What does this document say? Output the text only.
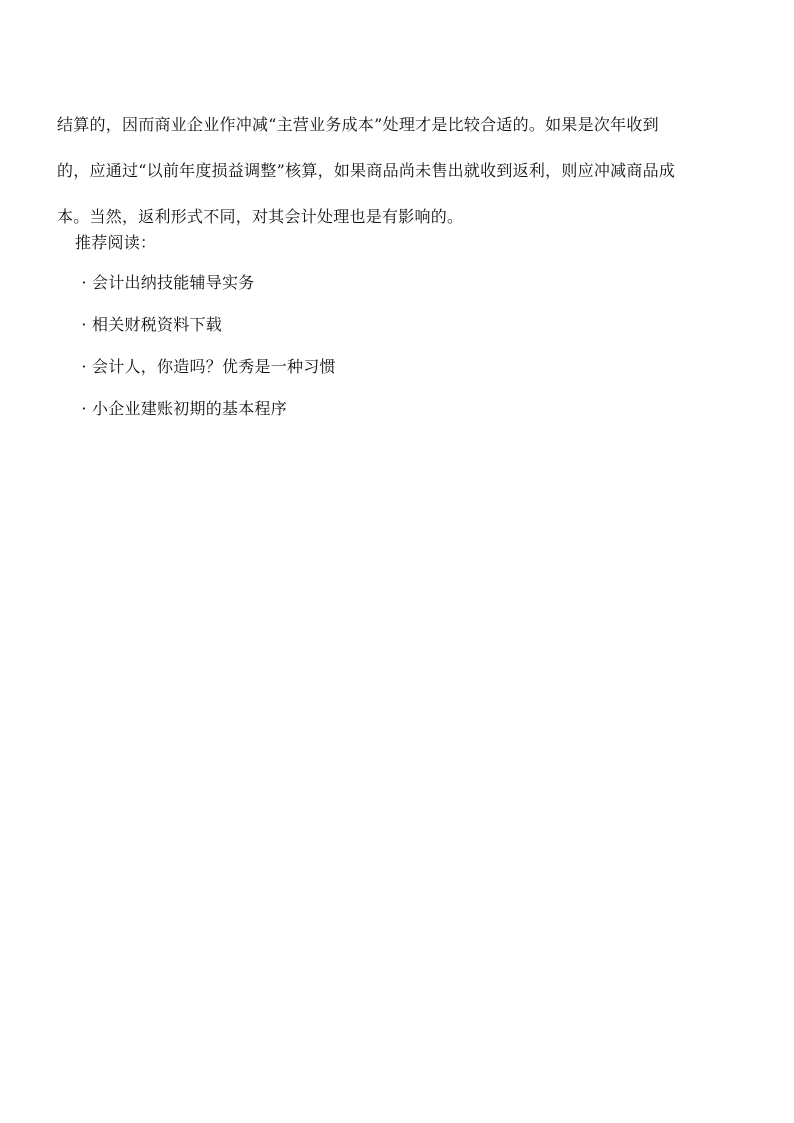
结算的，因而商业企业作冲减“主营业务成本”处理才是比较合适的。如果是次年收到
的，应通过“以前年度损益调整”核算，如果商品尚未售出就收到返利，则应冲减商品成
本。当然，返利形式不同，对其会计处理也是有影响的。
推荐阅读：
· 会计出纳技能辅导实务
· 相关财税资料下载
· 会计人，你造吗？优秀是一种习惯
· 小企业建账初期的基本程序
